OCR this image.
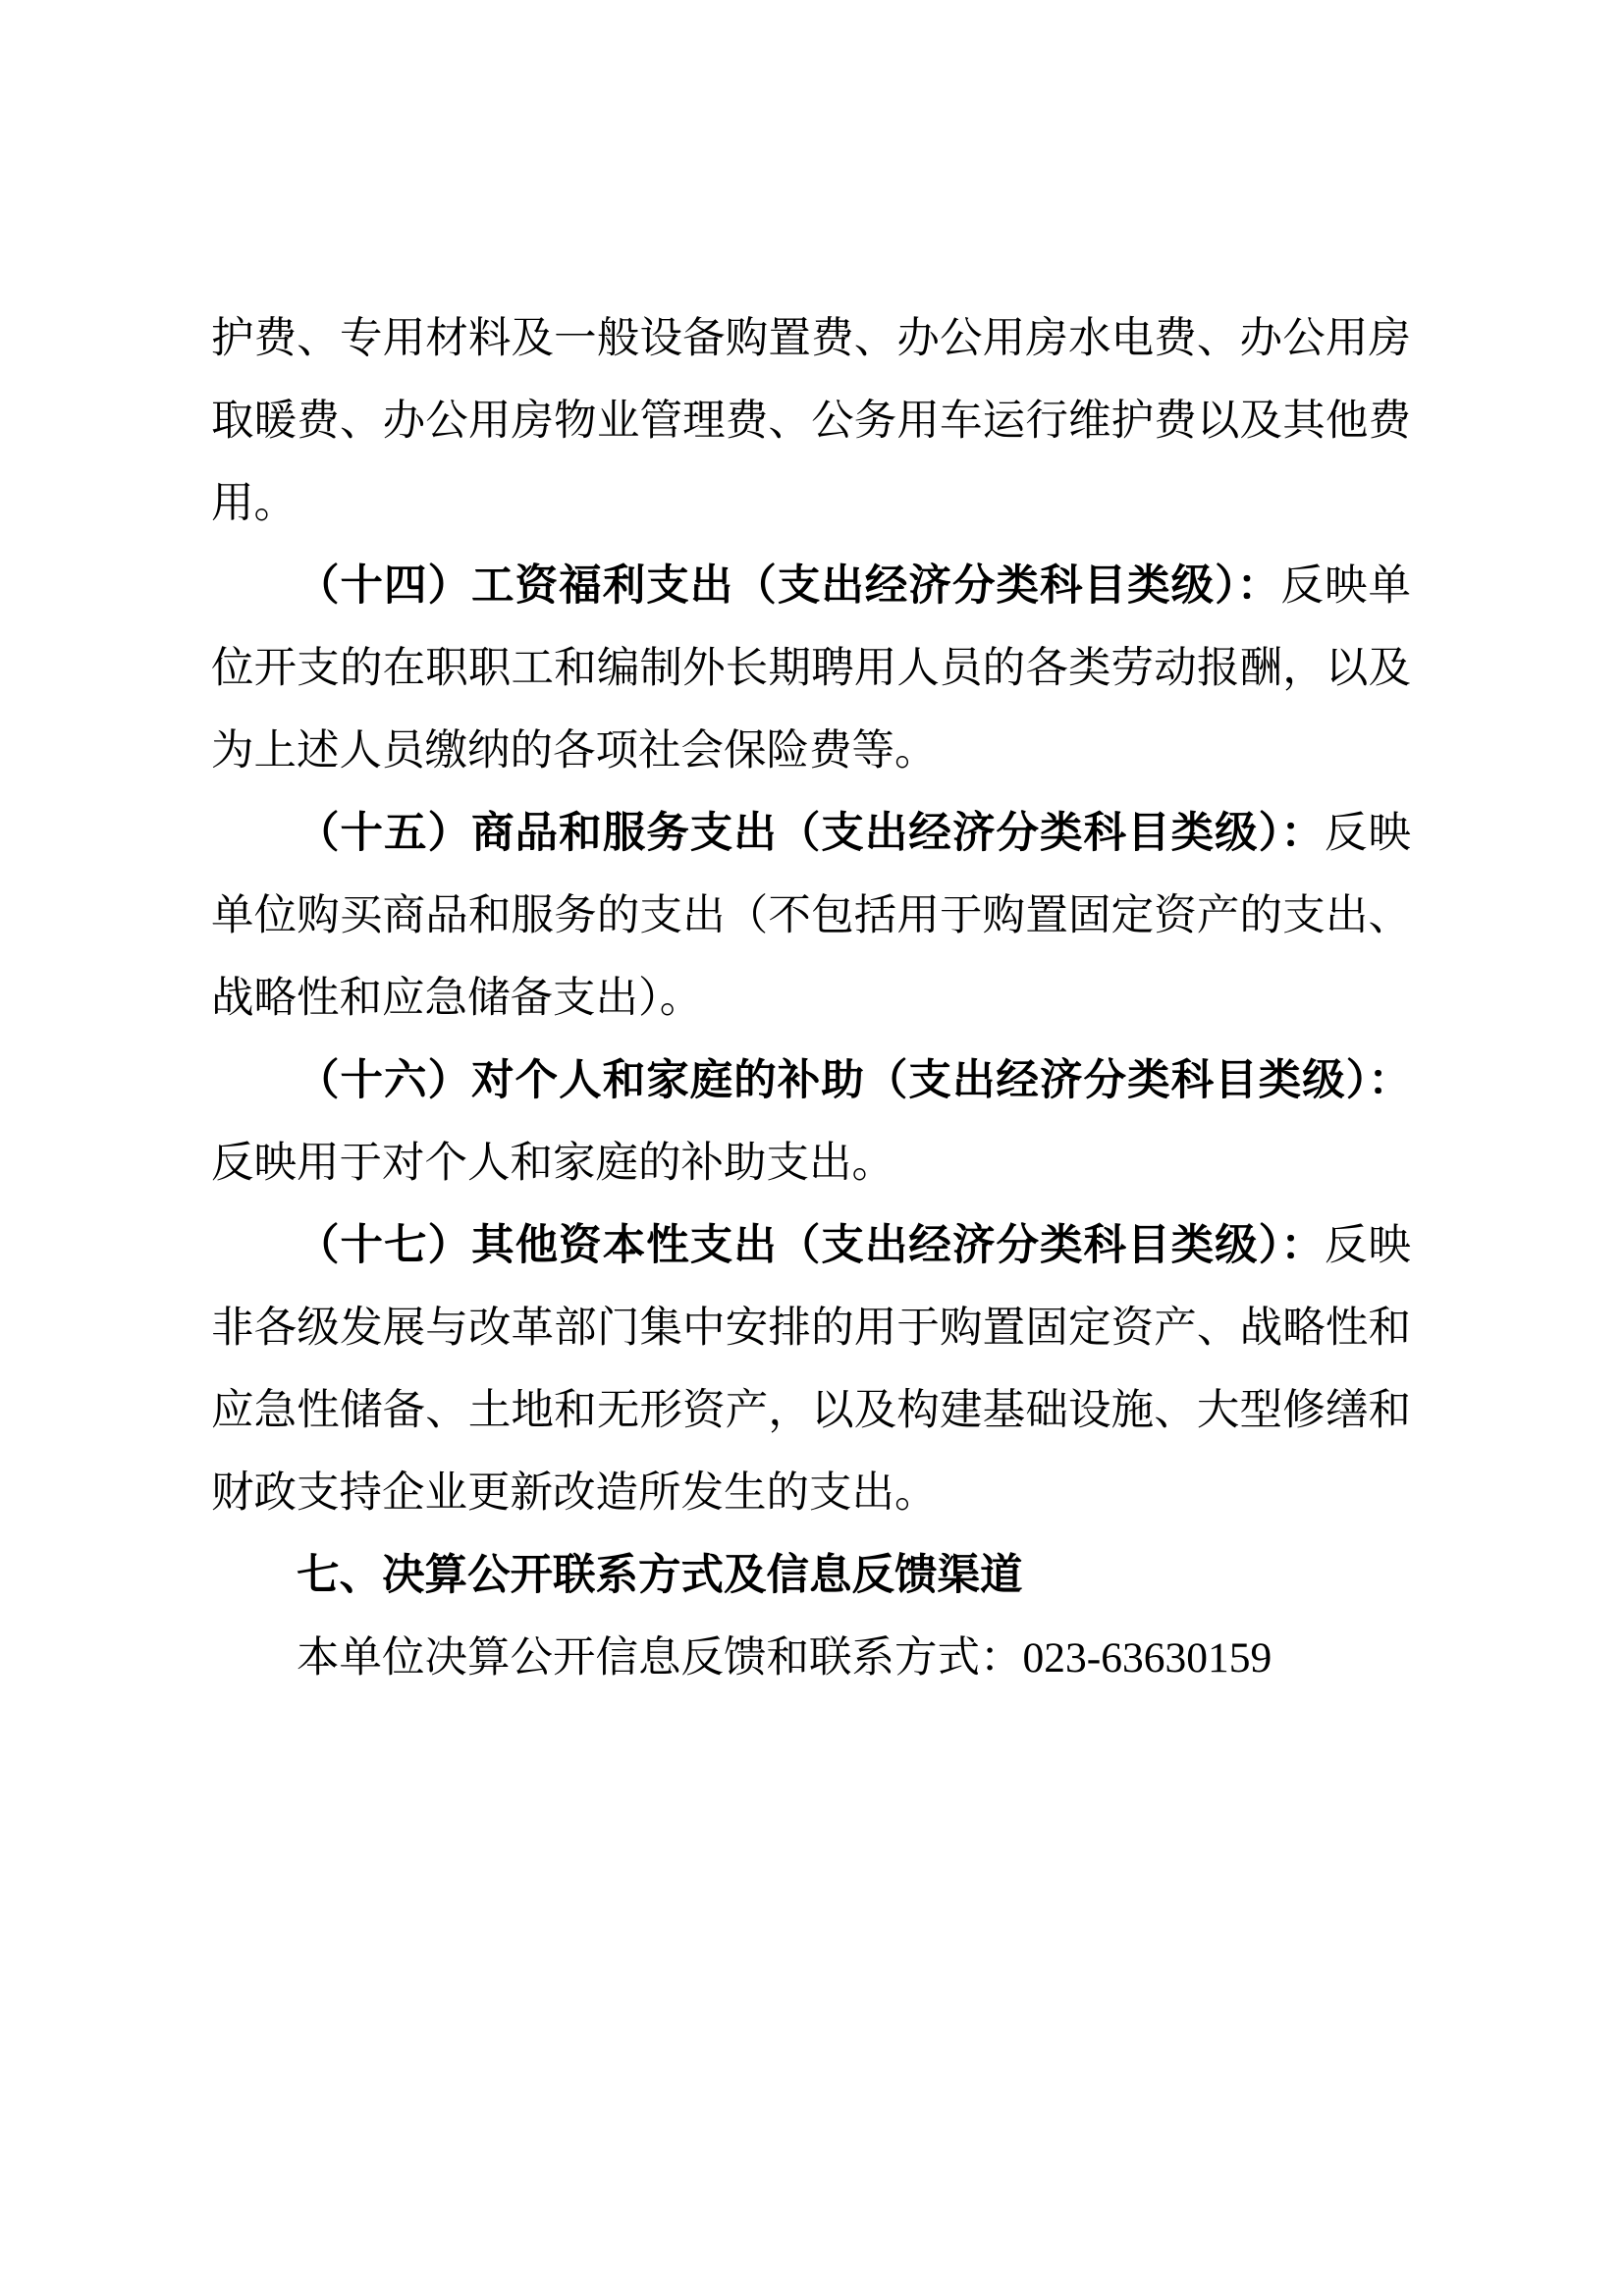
护费、专用材料及一般设备购置费、办公用房水电费、办公用房
取暖费、办公用房物业管理费、公务用车运行维护费以及其他费
用。
（十四）工资福利支出（支出经济分类科目类级）：反映单
位开支的在职职工和编制外长期聘用人员的各类劳动报酬，以及
为上述人员缴纳的各项社会保险费等。
（十五）商品和服务支出（支出经济分类科目类级）：反映
单位购买商品和服务的支出（不包括用于购置固定资产的支出、
战略性和应急储备支出）。
（十六）对个人和家庭的补助（支出经济分类科目类级）：
反映用于对个人和家庭的补助支出。
（十七）其他资本性支出（支出经济分类科目类级）：反映
非各级发展与改革部门集中安排的用于购置固定资产、战略性和
应急性储备、土地和无形资产，以及构建基础设施、大型修缮和
财政支持企业更新改造所发生的支出。
七、决算公开联系方式及信息反馈渠道
本单位决算公开信息反馈和联系方式：023-63630159
